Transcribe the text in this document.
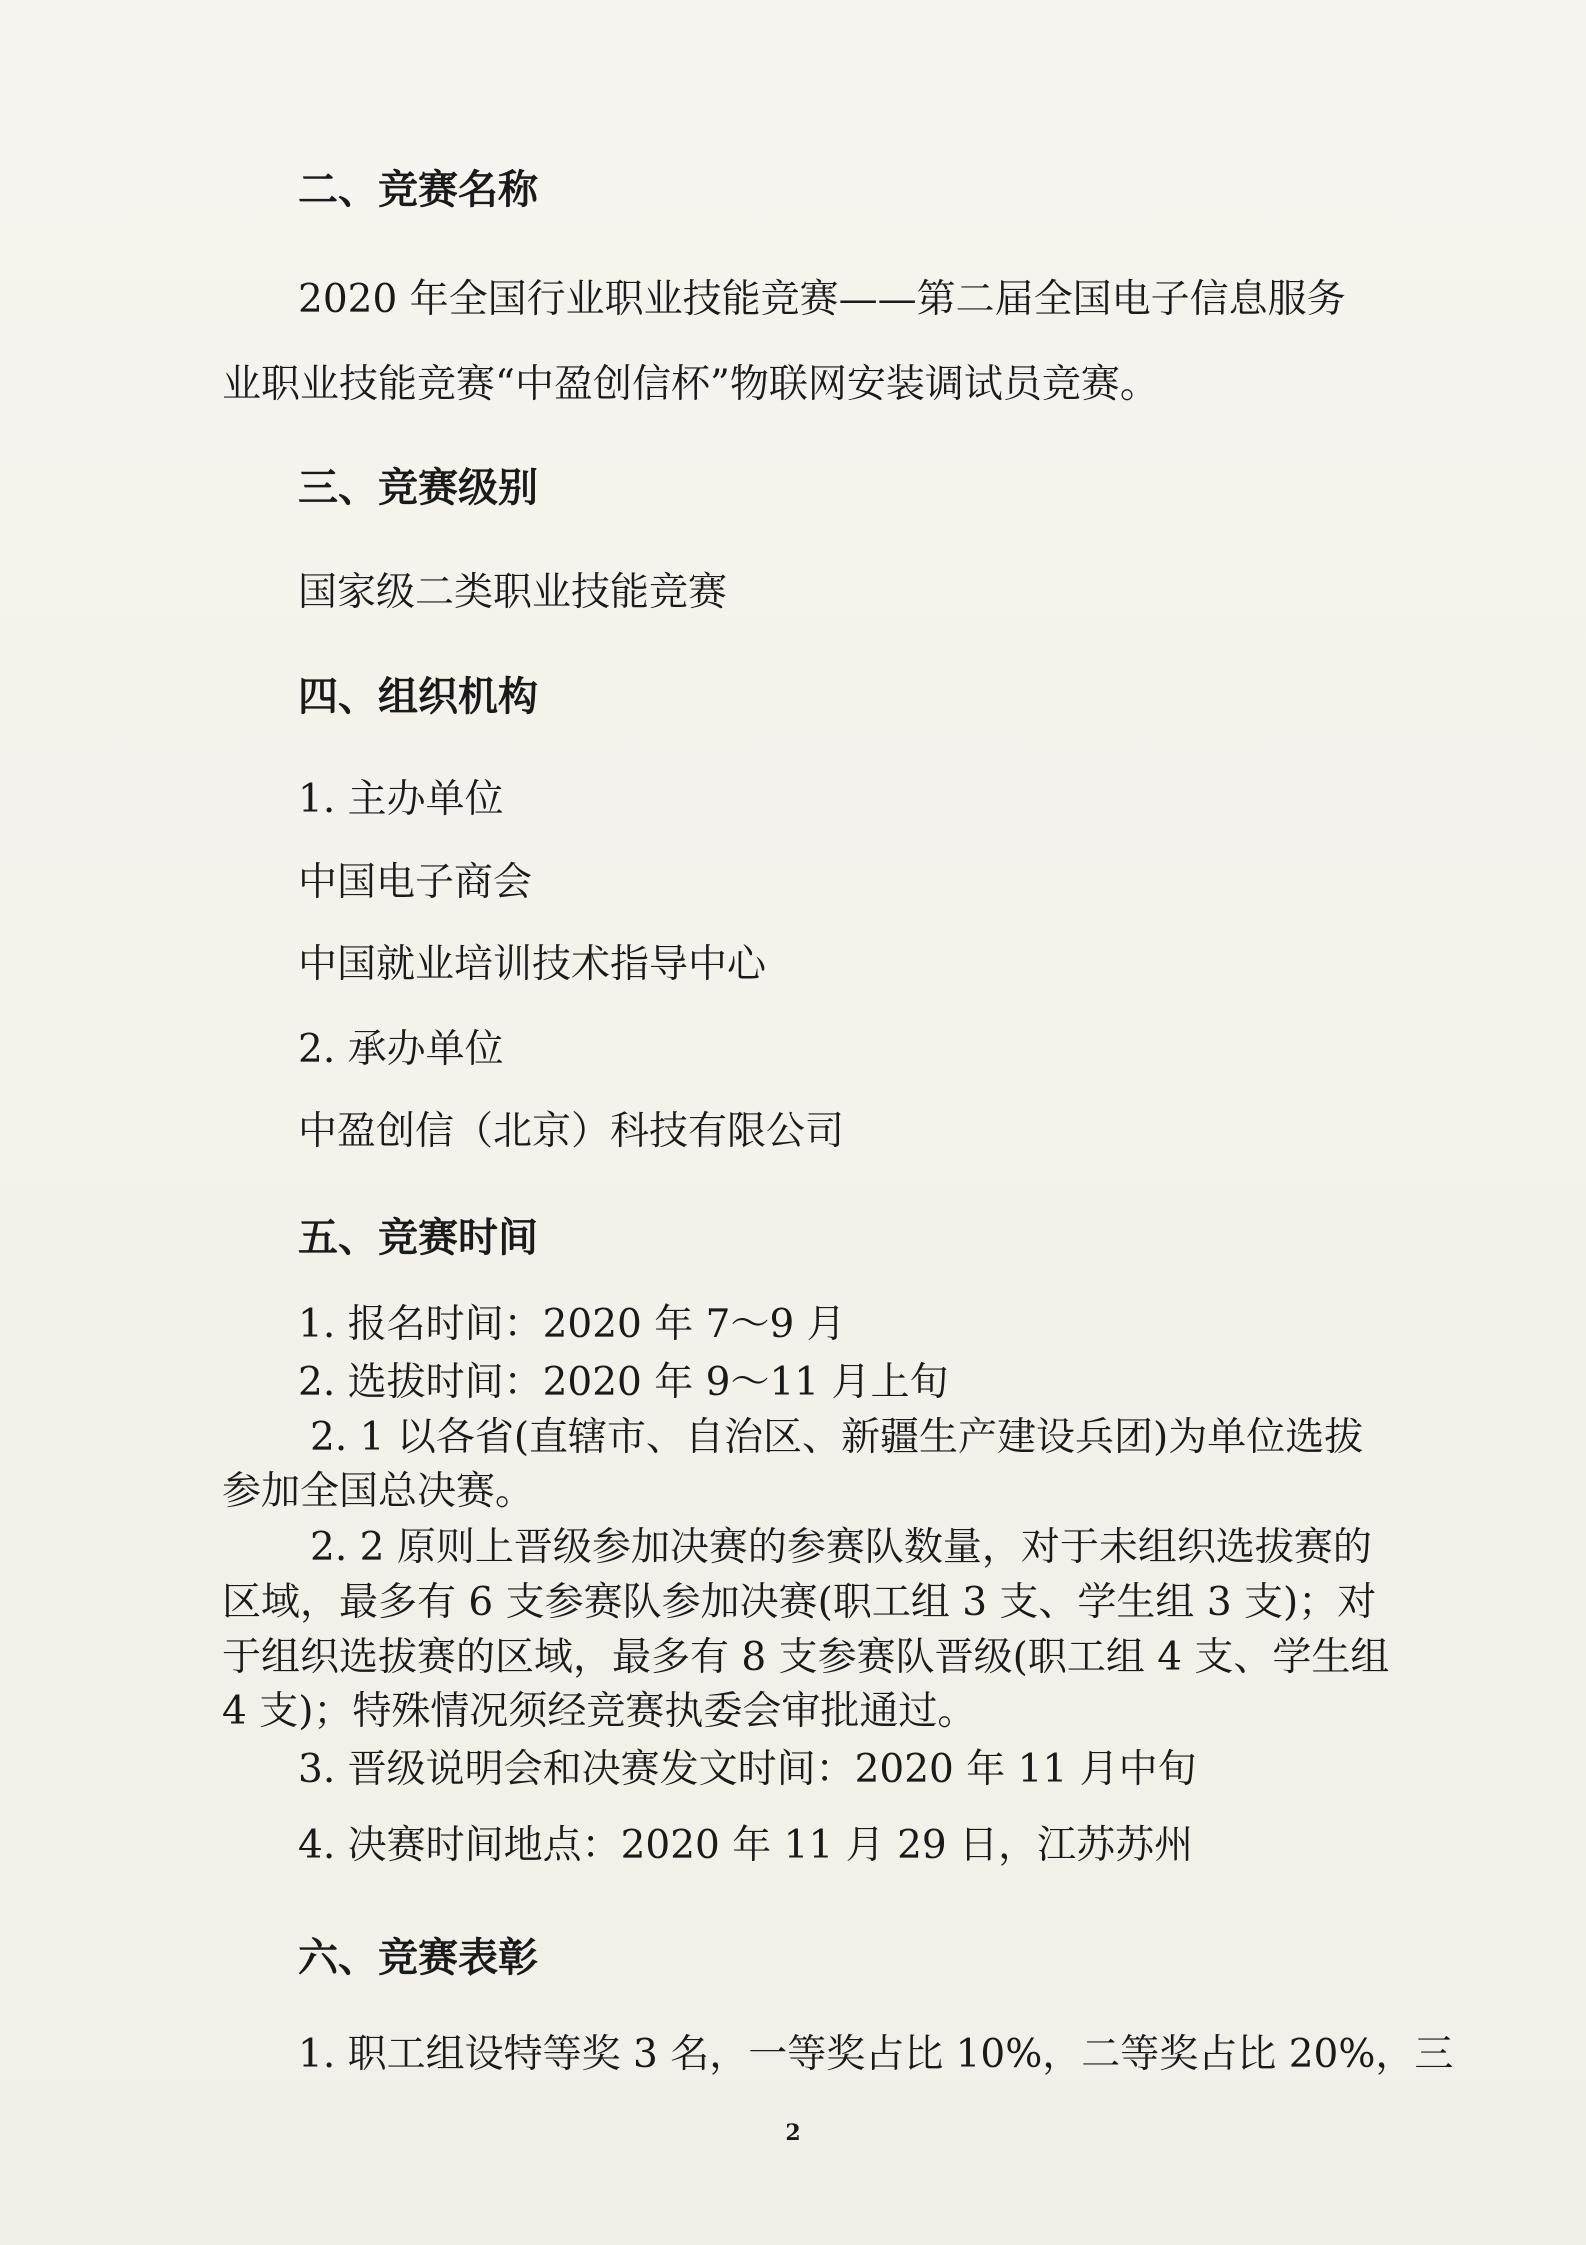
二、竞赛名称
2020 年全国行业职业技能竞赛——第二届全国电子信息服务
业职业技能竞赛“中盈创信杯”物联网安装调试员竞赛。
三、竞赛级别
国家级二类职业技能竞赛
四、组织机构
1. 主办单位
中国电子商会
中国就业培训技术指导中心
2. 承办单位
中盈创信（北京）科技有限公司
五、竞赛时间
1. 报名时间：2020 年 7～9 月
2. 选拔时间：2020 年 9～11 月上旬
2. 1 以各省(直辖市、自治区、新疆生产建设兵团)为单位选拔
参加全国总决赛。
2. 2 原则上晋级参加决赛的参赛队数量，对于未组织选拔赛的
区域，最多有 6 支参赛队参加决赛(职工组 3 支、学生组 3 支)；对
于组织选拔赛的区域，最多有 8 支参赛队晋级(职工组 4 支、学生组
4 支)；特殊情况须经竞赛执委会审批通过。
3. 晋级说明会和决赛发文时间：2020 年 11 月中旬
4. 决赛时间地点：2020 年 11 月 29 日，江苏苏州
六、竞赛表彰
1. 职工组设特等奖 3 名，一等奖占比 10%，二等奖占比 20%，三
2
